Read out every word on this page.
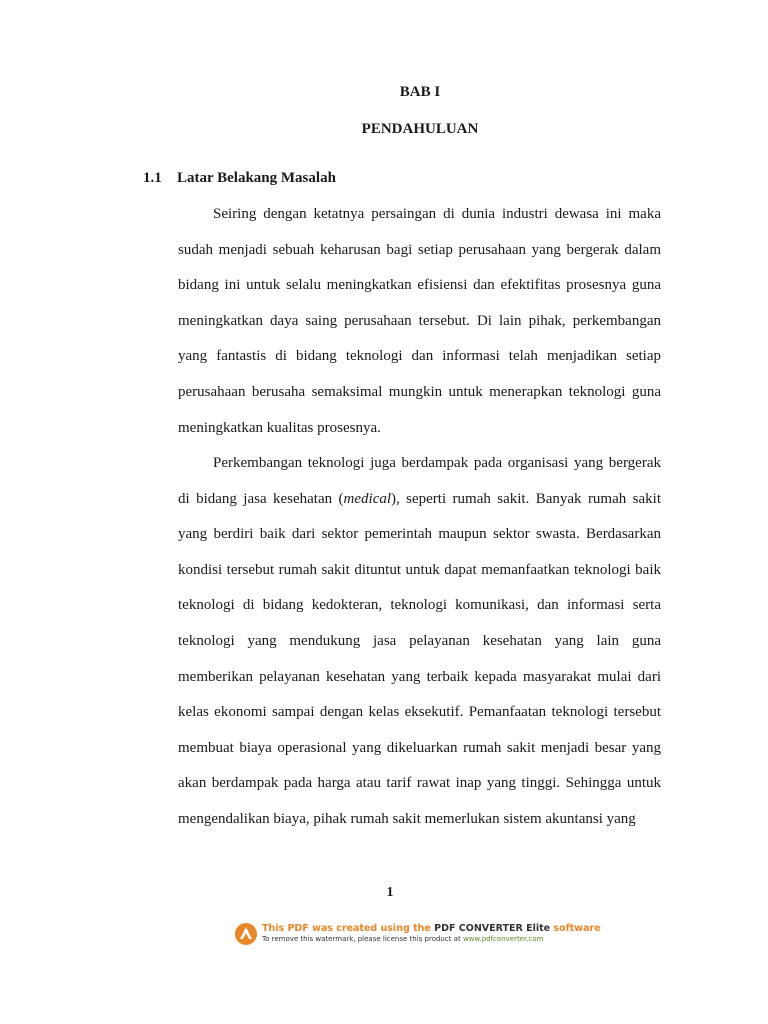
BAB I
PENDAHULUAN
1.1 Latar Belakang Masalah
Seiring dengan ketatnya persaingan di dunia industri dewasa ini maka
sudah menjadi sebuah keharusan bagi setiap perusahaan yang bergerak dalam
bidang ini untuk selalu meningkatkan efisiensi dan efektifitas prosesnya guna
meningkatkan daya saing perusahaan tersebut. Di lain pihak, perkembangan
yang fantastis di bidang teknologi dan informasi telah menjadikan setiap
perusahaan berusaha semaksimal mungkin untuk menerapkan teknologi guna
meningkatkan kualitas prosesnya.
Perkembangan teknologi juga berdampak pada organisasi yang bergerak
di bidang jasa kesehatan (medical), seperti rumah sakit. Banyak rumah sakit
yang berdiri baik dari sektor pemerintah maupun sektor swasta. Berdasarkan
kondisi tersebut rumah sakit dituntut untuk dapat memanfaatkan teknologi baik
teknologi di bidang kedokteran, teknologi komunikasi, dan informasi serta
teknologi yang mendukung jasa pelayanan kesehatan yang lain guna
memberikan pelayanan kesehatan yang terbaik kepada masyarakat mulai dari
kelas ekonomi sampai dengan kelas eksekutif. Pemanfaatan teknologi tersebut
membuat biaya operasional yang dikeluarkan rumah sakit menjadi besar yang
akan berdampak pada harga atau tarif rawat inap yang tinggi. Sehingga untuk
mengendalikan biaya, pihak rumah sakit memerlukan sistem akuntansi yang
1
This PDF was created using the PDF CONVERTER Elite software
To remove this watermark, please license this product at www.pdfconverter.com
